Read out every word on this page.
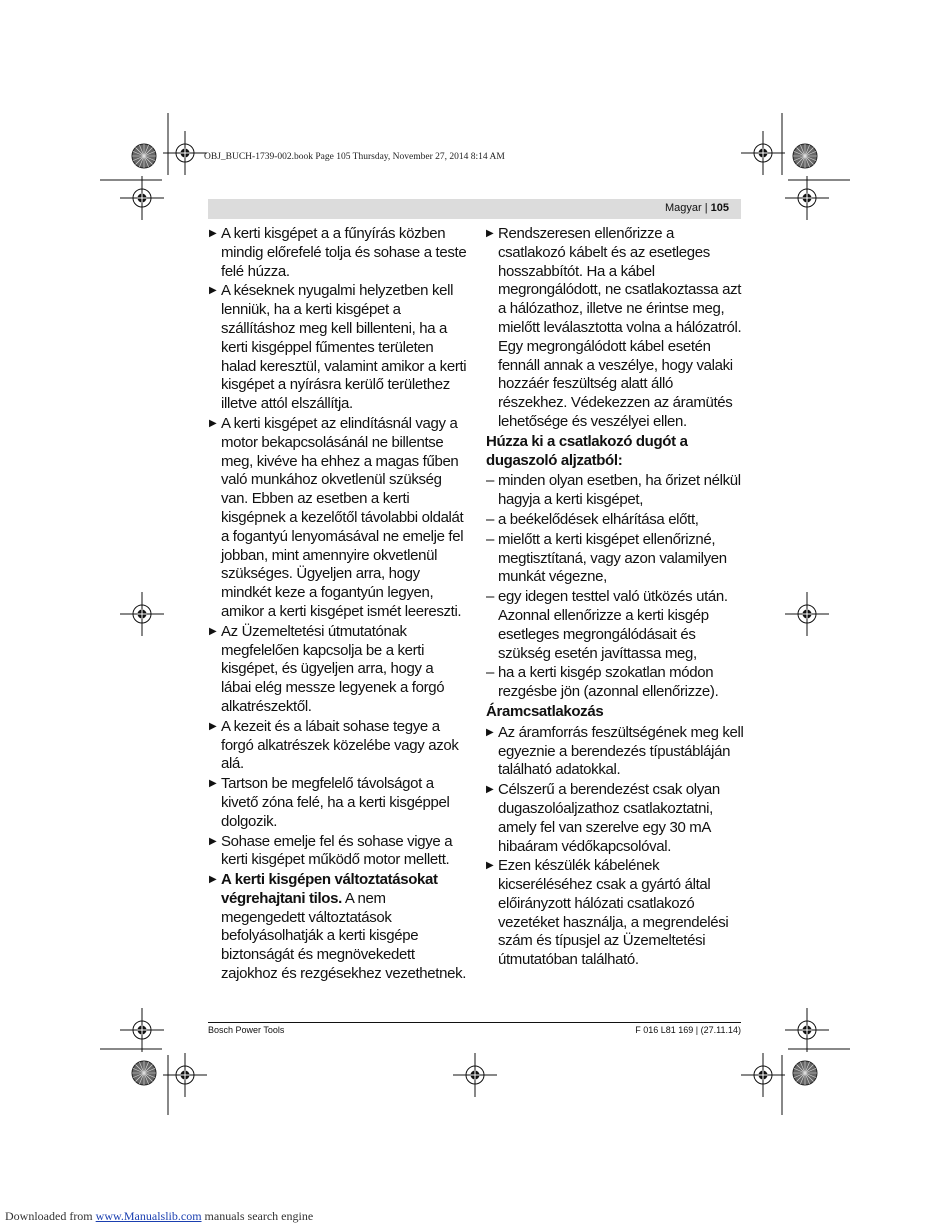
OBJ_BUCH-1739-002.book Page 105 Thursday, November 27, 2014 8:14 AM
Magyar | 105
▶ A kerti kisgépet a a fűnyírás közben mindig előrefelé tolja és sohase a teste felé húzza.
▶ A késeknek nyugalmi helyzetben kell lenniük, ha a kerti kisgépet a szállításhoz meg kell billenteni, ha a kerti kisgéppel fűmentes területen halad keresztül, valamint amikor a kerti kisgépet a nyírásra kerülő területhez illetve attól elszállítja.
▶ A kerti kisgépet az elindításnál vagy a motor bekapcsolásánál ne billentse meg, kivéve ha ehhez a magas fűben való munkához okvetlenül szükség van. Ebben az esetben a kerti kisgépnek a kezelőtől távolabbi oldalát a fogantyú lenyomásával ne emelje fel jobban, mint amennyire okvetlenül szükséges. Ügyeljen arra, hogy mindkét keze a fogantyún legyen, amikor a kerti kisgépet ismét leereszti.
▶ Az Üzemeltetési útmutatónak megfelelően kapcsolja be a kerti kisgépet, és ügyeljen arra, hogy a lábai elég messze legyenek a forgó alkatrészektől.
▶ A kezeit és a lábait sohase tegye a forgó alkatrészek közelébe vagy azok alá.
▶ Tartson be megfelelő távolságot a kivető zóna felé, ha a kerti kisgéppel dolgozik.
▶ Sohase emelje fel és sohase vigye a kerti kisgépet működő motor mellett.
▶ A kerti kisgépen változtatásokat végrehajtani tilos. A nem megengedett változtatások befolyásolhatják a kerti kisgépe biztonságát és megnövekedett zajokhoz és rezgésekhez vezethetnek.
▶ Rendszeresen ellenőrizze a csatlakozó kábelt és az esetleges hosszabbítót. Ha a kábel megrongálódott, ne csatlakoztassa azt a hálózathoz, illetve ne érintse meg, mielőtt leválasztotta volna a hálózatról. Egy megrongálódott kábel esetén fennáll annak a veszélye, hogy valaki hozzáér feszültség alatt álló részekhez. Védekezzen az áramütés lehetősége és veszélyei ellen.
Húzza ki a csatlakozó dugót a dugaszoló aljzatból:
– minden olyan esetben, ha őrizet nélkül hagyja a kerti kisgépet,
– a beékelődések elhárítása előtt,
– mielőtt a kerti kisgépet ellenőrizné, megtisztítaná, vagy azon valamilyen munkát végezne,
– egy idegen testtel való ütközés után. Azonnal ellenőrizze a kerti kisgép esetleges megrongálódásait és szükség esetén javíttassa meg,
– ha a kerti kisgép szokatlan módon rezgésbe jön (azonnal ellenőrizze).
Áramcsatlakozás
▶ Az áramforrás feszültségének meg kell egyeznie a berendezés típustábláján található adatokkal.
▶ Célszerű a berendezést csak olyan dugaszolóaljzathoz csatlakoztatni, amely fel van szerelve egy 30 mA hibaáram védőkapcsolóval.
▶ Ezen készülék kábelének kicseréléséhez csak a gyártó által előirányzott hálózati csatlakozó vezetéket használja, a megrendelési szám és típusjel az Üzemeltetési útmutatóban található.
Bosch Power Tools	F 016 L81 169 | (27.11.14)
Downloaded from www.Manualslib.com manuals search engine
